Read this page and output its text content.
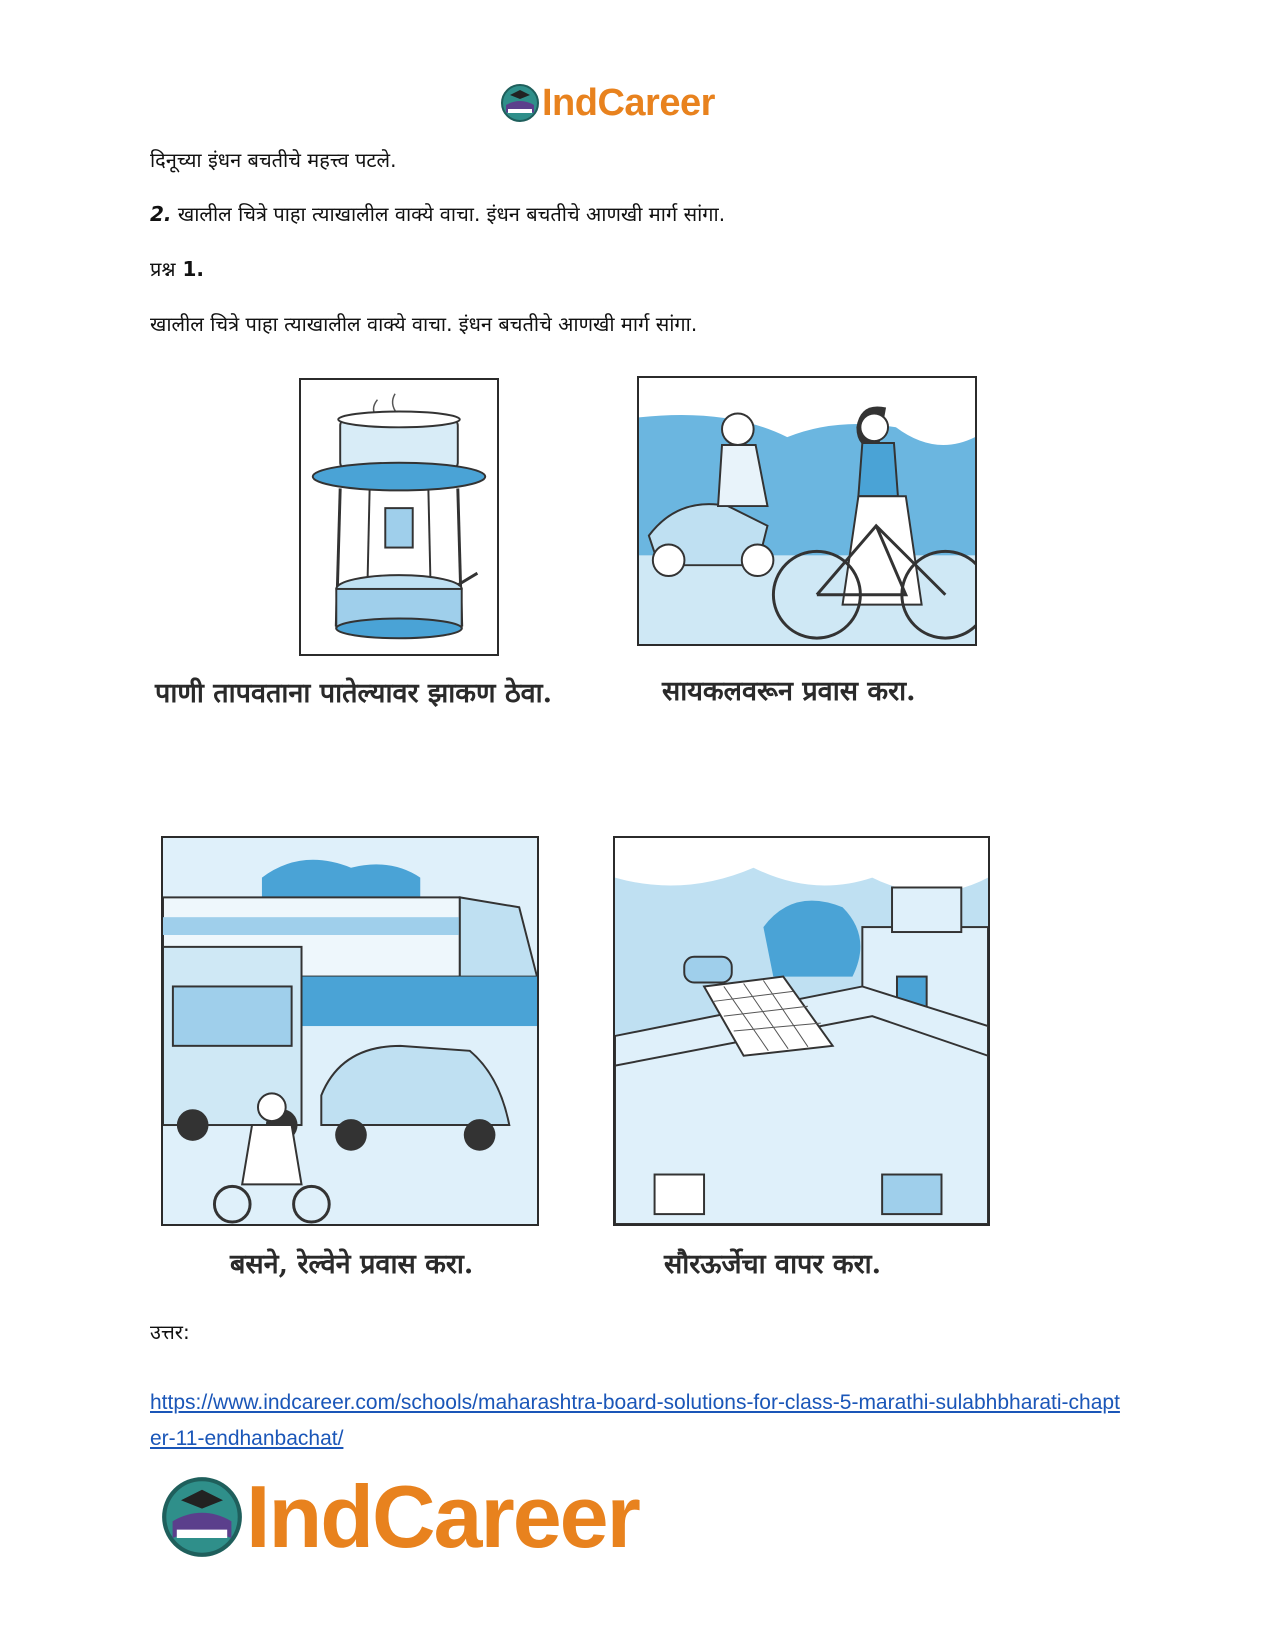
IndCareer
दिनूच्या इंधन बचतीचे महत्त्व पटले.
2. खालील चित्रे पाहा त्याखालील वाक्ये वाचा. इंधन बचतीचे आणखी मार्ग सांगा.
प्रश्न 1.
खालील चित्रे पाहा त्याखालील वाक्ये वाचा. इंधन बचतीचे आणखी मार्ग सांगा.
पाणी तापवताना पातेल्यावर झाकण ठेवा.	सायकलवरून प्रवास करा.
बसने, रेल्वेने प्रवास करा.	सौरऊर्जेचा वापर करा.
उत्तर:
https://www.indcareer.com/schools/maharashtra-board-solutions-for-class-5-marathi-sulabhbharati-chapter-11-endhanbachat/
IndCareer
